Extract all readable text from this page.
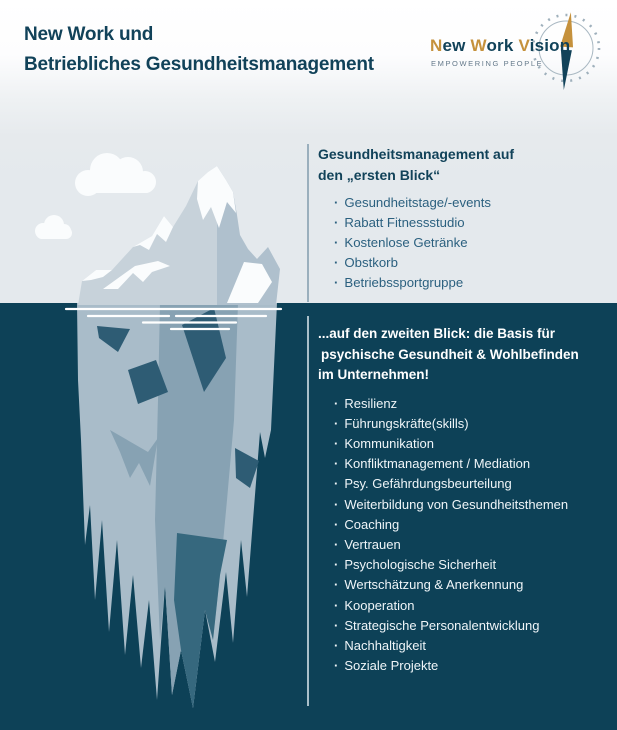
New Work und
Betriebliches Gesundheitsmanagement
New Work Vision
EMPOWERING PEOPLE
Gesundheitsmanagement auf
den „ersten Blick“
· Gesundheitstage/-events
· Rabatt Fitnessstudio
· Kostenlose Getränke
· Obstkorb
· Betriebssportgruppe
...auf den zweiten Blick: die Basis für
psychische Gesundheit & Wohlbefinden
im Unternehmen!
· Resilienz
· Führungskräfte(skills)
· Kommunikation
· Konfliktmanagement / Mediation
· Psy. Gefährdungsbeurteilung
· Weiterbildung von Gesundheitsthemen
· Coaching
· Vertrauen
· Psychologische Sicherheit
· Wertschätzung & Anerkennung
· Kooperation
· Strategische Personalentwicklung
· Nachhaltigkeit
· Soziale Projekte
